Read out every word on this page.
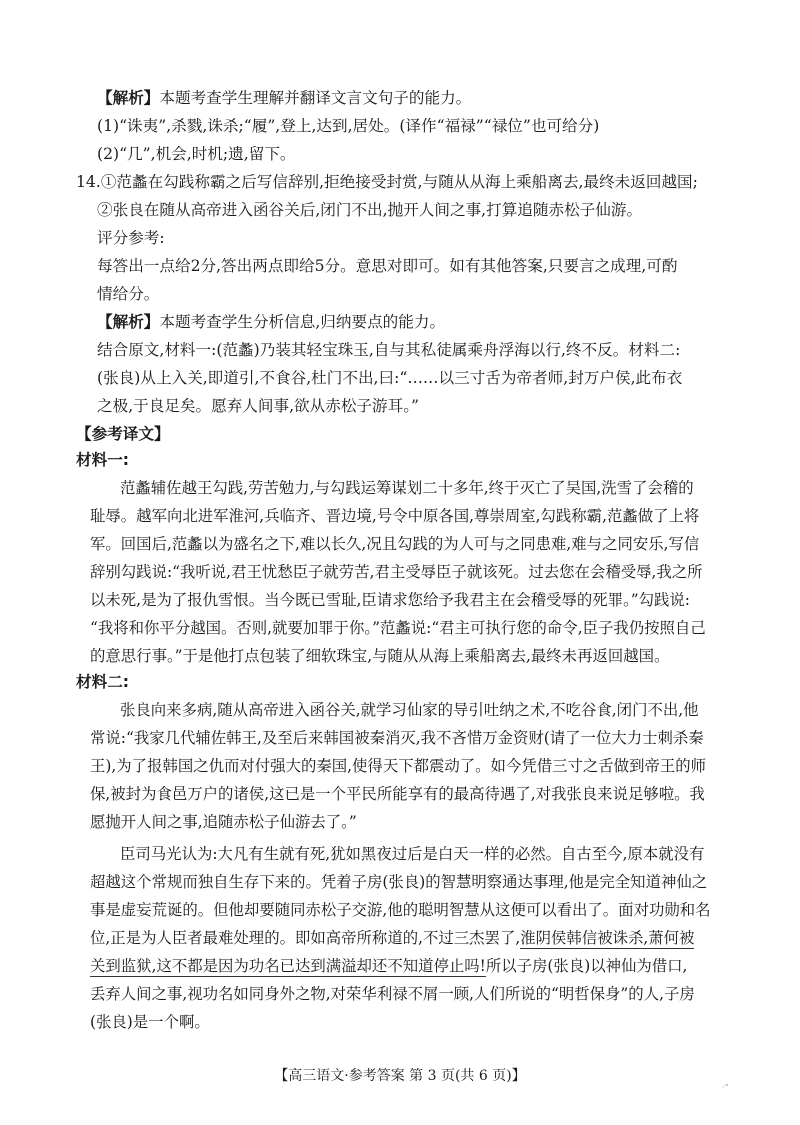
【解析】本题考查学生理解并翻译文言文句子的能力。
(1)“诛夷”,杀戮,诛杀;“履”,登上,达到,居处。(译作“福禄”“禄位”也可给分)
(2)“几”,机会,时机;遗,留下。
14.①范蠡在勾践称霸之后写信辞别,拒绝接受封赏,与随从从海上乘船离去,最终未返回越国;
②张良在随从高帝进入函谷关后,闭门不出,抛开人间之事,打算追随赤松子仙游。
评分参考:
每答出一点给2分,答出两点即给5分。意思对即可。如有其他答案,只要言之成理,可酌
情给分。
【解析】本题考查学生分析信息,归纳要点的能力。
结合原文,材料一:(范蠡)乃装其轻宝珠玉,自与其私徒属乘舟浮海以行,终不反。材料二:
(张良)从上入关,即道引,不食谷,杜门不出,曰:“……以三寸舌为帝者师,封万户侯,此布衣
之极,于良足矣。愿弃人间事,欲从赤松子游耳。”
【参考译文】
材料一:
范蠡辅佐越王勾践,劳苦勉力,与勾践运筹谋划二十多年,终于灭亡了吴国,洗雪了会稽的
耻辱。越军向北进军淮河,兵临齐、晋边境,号令中原各国,尊崇周室,勾践称霸,范蠡做了上将
军。回国后,范蠡以为盛名之下,难以长久,况且勾践的为人可与之同患难,难与之同安乐,写信
辞别勾践说:“我听说,君王忧愁臣子就劳苦,君主受辱臣子就该死。过去您在会稽受辱,我之所
以未死,是为了报仇雪恨。当今既已雪耻,臣请求您给予我君主在会稽受辱的死罪。”勾践说:
“我将和你平分越国。否则,就要加罪于你。”范蠡说:“君主可执行您的命令,臣子我仍按照自己
的意思行事。”于是他打点包装了细软珠宝,与随从从海上乘船离去,最终未再返回越国。
材料二:
张良向来多病,随从高帝进入函谷关,就学习仙家的导引吐纳之术,不吃谷食,闭门不出,他
常说:“我家几代辅佐韩王,及至后来韩国被秦消灭,我不吝惜万金资财(请了一位大力士刺杀秦
王),为了报韩国之仇而对付强大的秦国,使得天下都震动了。如今凭借三寸之舌做到帝王的师
保,被封为食邑万户的诸侯,这已是一个平民所能享有的最高待遇了,对我张良来说足够啦。我
愿抛开人间之事,追随赤松子仙游去了。”
臣司马光认为:大凡有生就有死,犹如黑夜过后是白天一样的必然。自古至今,原本就没有
超越这个常规而独自生存下来的。凭着子房(张良)的智慧明察通达事理,他是完全知道神仙之
事是虚妄荒诞的。但他却要随同赤松子交游,他的聪明智慧从这便可以看出了。面对功勋和名
位,正是为人臣者最难处理的。即如高帝所称道的,不过三杰罢了,淮阴侯韩信被诛杀,萧何被
关到监狱,这不都是因为功名已达到满溢却还不知道停止吗!所以子房(张良)以神仙为借口,
丢弃人间之事,视功名如同身外之物,对荣华利禄不屑一顾,人们所说的“明哲保身”的人,子房
(张良)是一个啊。
【高三语文·参考答案 第 3 页(共 6 页)】
·“
